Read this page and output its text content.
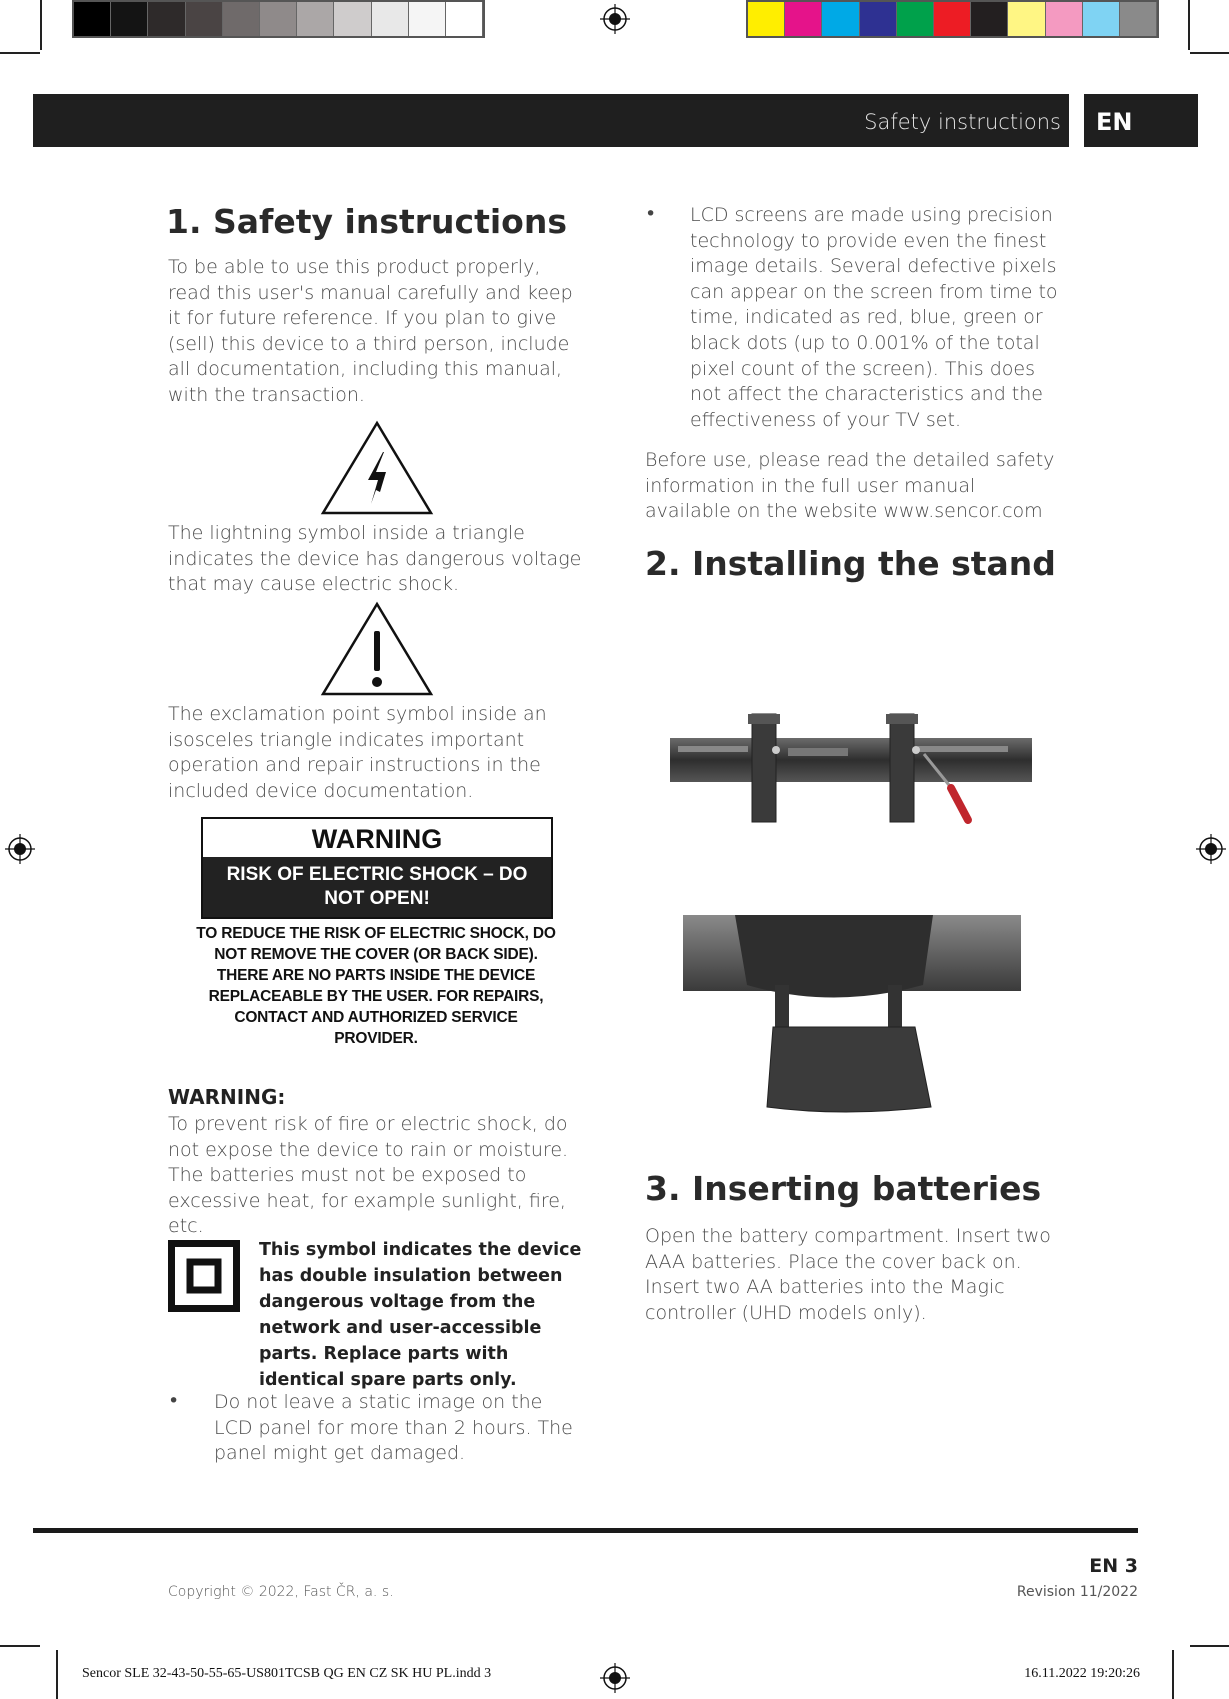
Safety instructions	EN
1. Safety instructions

To be able to use this product properly, read this user's manual carefully and keep it for future reference. If you plan to give (sell) this device to a third person, include all documentation, including this manual, with the transaction.

The lightning symbol inside a triangle indicates the device has dangerous voltage that may cause electric shock.

The exclamation point symbol inside an isosceles triangle indicates important operation and repair instructions in the included device documentation.

WARNING
RISK OF ELECTRIC SHOCK – DO NOT OPEN!
TO REDUCE THE RISK OF ELECTRIC SHOCK, DO NOT REMOVE THE COVER (OR BACK SIDE). THERE ARE NO PARTS INSIDE THE DEVICE REPLACEABLE BY THE USER. FOR REPAIRS, CONTACT AND AUTHORIZED SERVICE PROVIDER.
WARNING:

To prevent risk of fire or electric shock, do not expose the device to rain or moisture. The batteries must not be exposed to excessive heat, for example sunlight, fire, etc.

This symbol indicates the device has double insulation between dangerous voltage from the network and user-accessible parts. Replace parts with identical spare parts only.
• Do not leave a static image on the LCD panel for more than 2 hours. The panel might get damaged.

• LCD screens are made using precision technology to provide even the finest image details. Several defective pixels can appear on the screen from time to time, indicated as red, blue, green or black dots (up to 0.001% of the total pixel count of the screen). This does not affect the characteristics and the effectiveness of your TV set.

Before use, please read the detailed safety information in the full user manual available on the website www.sencor.com

2. Installing the stand
3. Inserting batteries

Open the battery compartment. Insert two AAA batteries. Place the cover back on.

Insert two AA batteries into the Magic controller (UHD models only).

EN 3
Copyright © 2022, Fast ČR, a. s.	Revision 11/2022
Sencor SLE 32-43-50-55-65-US801TCSB QG EN CZ SK HU PL.indd 3	16.11.2022 19:20:26
